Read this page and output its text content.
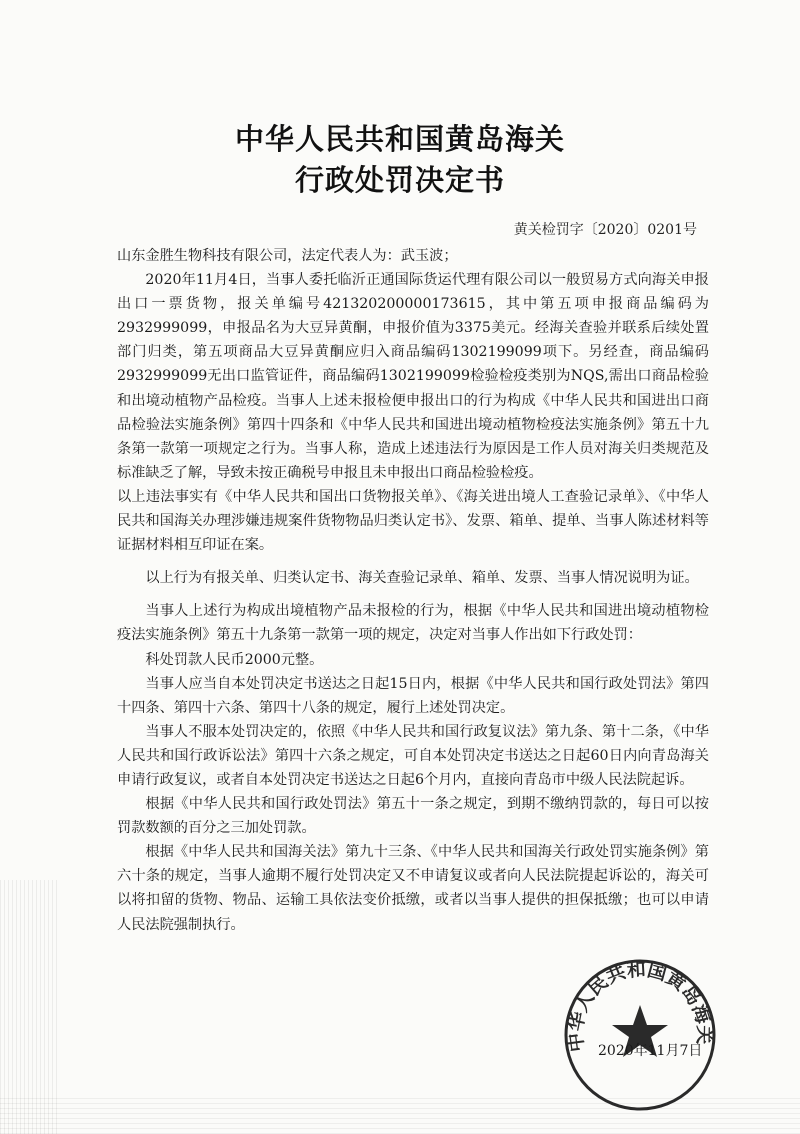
中华人民共和国黄岛海关
行政处罚决定书
黄关检罚字〔2020〕0201号

山东金胜生物科技有限公司，法定代表人为：武玉波；

2020年11月4日，当事人委托临沂正通国际货运代理有限公司以一般贸易方式向海关申报出口一票货物，报关单编号421320200000173615，其中第五项申报商品编码为2932999099，申报品名为大豆异黄酮，申报价值为3375美元。经海关查验并联系后续处置部门归类，第五项商品大豆异黄酮应归入商品编码1302199099项下。另经查，商品编码2932999099无出口监管证件，商品编码1302199099检验检疫类别为NQS,需出口商品检验和出境动植物产品检疫。当事人上述未报检便申报出口的行为构成《中华人民共和国进出口商品检验法实施条例》第四十四条和《中华人民共和国进出境动植物检疫法实施条例》第五十九条第一款第一项规定之行为。当事人称，造成上述违法行为原因是工作人员对海关归类规范及标准缺乏了解，导致未按正确税号申报且未申报出口商品检验检疫。

以上违法事实有《中华人民共和国出口货物报关单》、《海关进出境人工查验记录单》、《中华人民共和国海关办理涉嫌违规案件货物物品归类认定书》、发票、箱单、提单、当事人陈述材料等证据材料相互印证在案。

以上行为有报关单、归类认定书、海关查验记录单、箱单、发票、当事人情况说明为证。

当事人上述行为构成出境植物产品未报检的行为，根据《中华人民共和国进出境动植物检疫法实施条例》第五十九条第一款第一项的规定，决定对当事人作出如下行政处罚：

科处罚款人民币2000元整。

当事人应当自本处罚决定书送达之日起15日内，根据《中华人民共和国行政处罚法》第四十四条、第四十六条、第四十八条的规定，履行上述处罚决定。

当事人不服本处罚决定的，依照《中华人民共和国行政复议法》第九条、第十二条，《中华人民共和国行政诉讼法》第四十六条之规定，可自本处罚决定书送达之日起60日内向青岛海关申请行政复议，或者自本处罚决定书送达之日起6个月内，直接向青岛市中级人民法院起诉。

根据《中华人民共和国行政处罚法》第五十一条之规定，到期不缴纳罚款的，每日可以按罚款数额的百分之三加处罚款。

根据《中华人民共和国海关法》第九十三条、《中华人民共和国海关行政处罚实施条例》第六十条的规定，当事人逾期不履行处罚决定又不申请复议或者向人民法院提起诉讼的，海关可以将扣留的货物、物品、运输工具依法变价抵缴，或者以当事人提供的担保抵缴；也可以申请人民法院强制执行。

中华人民共和国黄岛海关
2020年11月7日
